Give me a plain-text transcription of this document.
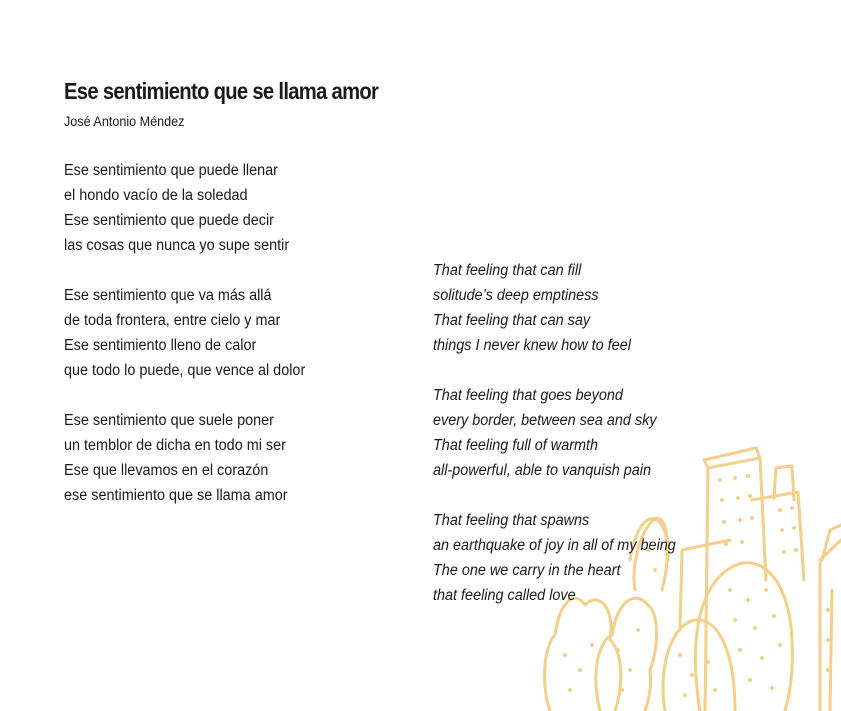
Ese sentimiento que se llama amor
José Antonio Méndez
Ese sentimiento que puede llenar
el hondo vacío de la soledad
Ese sentimiento que puede decir
las cosas que nunca yo supe sentir
Ese sentimiento que va más allá
de toda frontera, entre cielo y mar
Ese sentimiento lleno de calor
que todo lo puede, que vence al dolor
Ese sentimiento que suele poner
un temblor de dicha en todo mi ser
Ese que llevamos en el corazón
ese sentimiento que se llama amor
That feeling that can fill
solitude’s deep emptiness
That feeling that can say
things I never knew how to feel
That feeling that goes beyond
every border, between sea and sky
That feeling full of warmth
all-powerful, able to vanquish pain
That feeling that spawns
an earthquake of joy in all of my being
The one we carry in the heart
that feeling called love
